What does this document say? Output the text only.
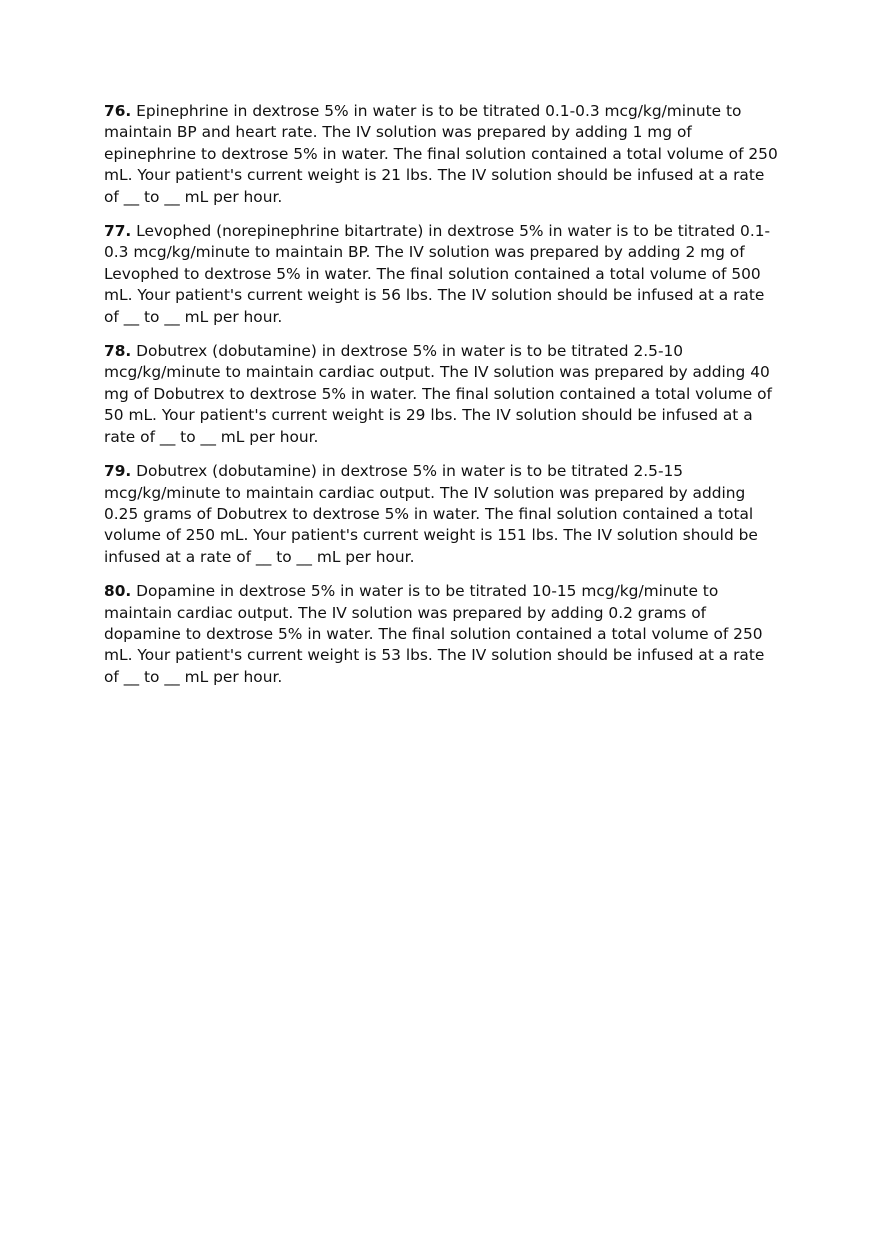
76. Epinephrine in dextrose 5% in water is to be titrated 0.1-0.3 mcg/kg/minute to maintain BP and heart rate. The IV solution was prepared by adding 1 mg of epinephrine to dextrose 5% in water. The final solution contained a total volume of 250 mL. Your patient's current weight is 21 lbs. The IV solution should be infused at a rate of __ to __ mL per hour.

77. Levophed (norepinephrine bitartrate) in dextrose 5% in water is to be titrated 0.1-0.3 mcg/kg/minute to maintain BP. The IV solution was prepared by adding 2 mg of Levophed to dextrose 5% in water. The final solution contained a total volume of 500 mL. Your patient's current weight is 56 lbs. The IV solution should be infused at a rate of __ to __ mL per hour.

78. Dobutrex (dobutamine) in dextrose 5% in water is to be titrated 2.5-10 mcg/kg/minute to maintain cardiac output. The IV solution was prepared by adding 40 mg of Dobutrex to dextrose 5% in water. The final solution contained a total volume of 50 mL. Your patient's current weight is 29 lbs. The IV solution should be infused at a rate of __ to __ mL per hour.

79. Dobutrex (dobutamine) in dextrose 5% in water is to be titrated 2.5-15 mcg/kg/minute to maintain cardiac output. The IV solution was prepared by adding 0.25 grams of Dobutrex to dextrose 5% in water. The final solution contained a total volume of 250 mL. Your patient's current weight is 151 lbs. The IV solution should be infused at a rate of __ to __ mL per hour.

80. Dopamine in dextrose 5% in water is to be titrated 10-15 mcg/kg/minute to maintain cardiac output. The IV solution was prepared by adding 0.2 grams of dopamine to dextrose 5% in water. The final solution contained a total volume of 250 mL. Your patient's current weight is 53 lbs. The IV solution should be infused at a rate of __ to __ mL per hour.
